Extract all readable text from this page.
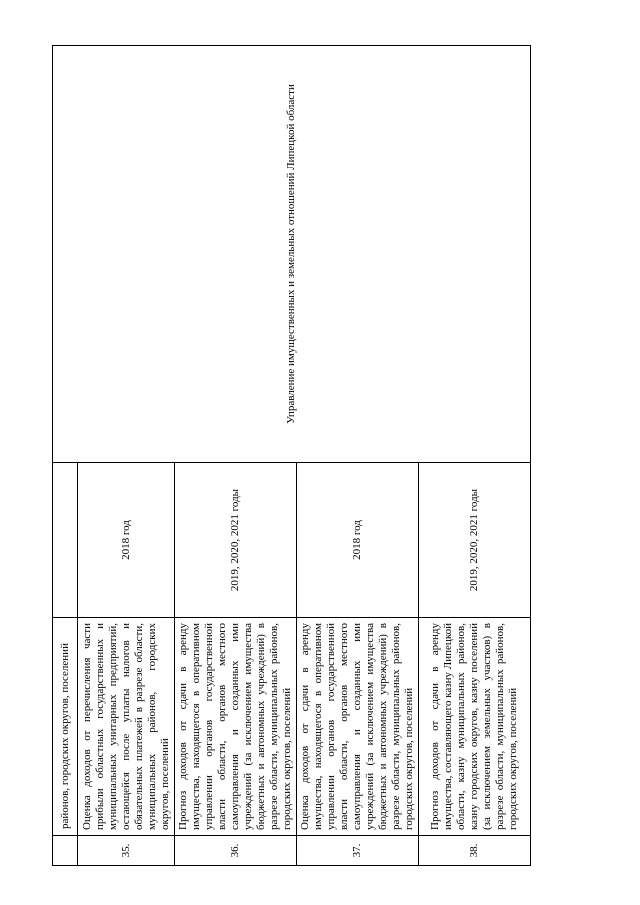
	районов, городских округов, поселений		Управление имущественных и земельных отношений Липецкой области
35.	Оценка доходов от перечисления части прибыли областных государственных и муниципальных унитарных предприятий, остающейся после уплаты налогов и обязательных платежей в разрезе области, муниципальных районов, городских округов, поселений	2018 год	
36.	Прогноз доходов от сдачи в аренду имущества, находящегося в оперативном управлении органов государственной власти области, органов местного самоуправления и созданных ими учреждений (за исключением имущества бюджетных и автономных учреждений) в разрезе области, муниципальных районов, городских округов, поселений	2019, 2020, 2021 годы	
37.	Оценка доходов от сдачи в аренду имущества, находящегося в оперативном управлении органов государственной власти области, органов местного самоуправления и созданных ими учреждений (за исключением имущества бюджетных и автономных учреждений) в разрезе области, муниципальных районов, городских округов, поселений	2018 год	
38.	Прогноз доходов от сдачи в аренду имущества, составляющего казну Липецкой области, казну муниципальных районов, казну городских округов, казну поселений (за исключением земельных участков) в разрезе области, муниципальных районов, городских округов, поселений	2019, 2020, 2021 годы	
